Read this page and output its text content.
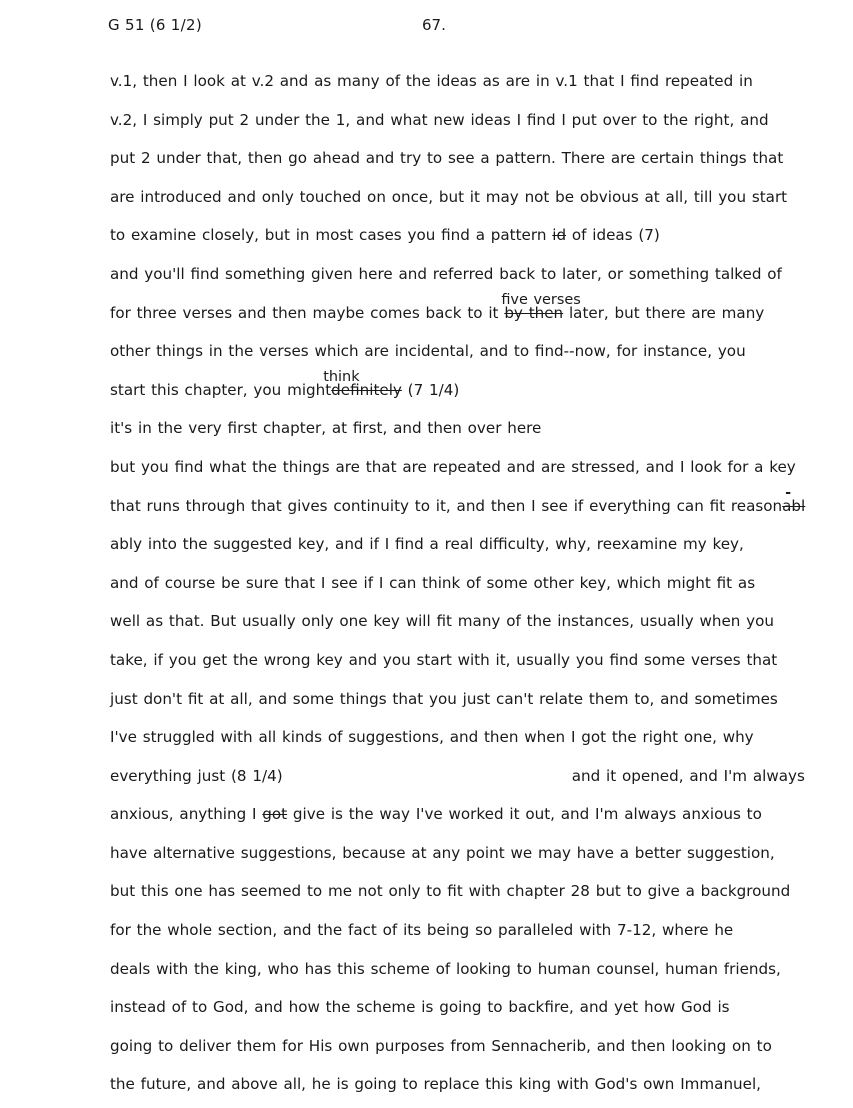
G 51 (6 1/2)	67.
v.1, then I look at v.2 and as many of the ideas as are in v.1 that I find repeated in
v.2, I simply put 2 under the 1, and what new ideas I find I put over to the right, and
put 2 under that, then go ahead and try to see a pattern. There are certain things that
are introduced and only touched on once, but it may not be obvious at all, till you start
to examine closely, but in most cases you find a pattern id of ideas (7)
and you'll find something given here and referred back to later, or something talked of
for three verses and then maybe comes back to it
five verses
by then later, but there are many
other things in the verses which are incidental, and to find--now, for instance, you
start this chapter, you might
think
definitely (7 1/4)
it's in the very first chapter, at first, and then over here
but you find what the things are that are repeated and are stressed, and I look for a key
that runs through that gives continuity to it, and then I see if everything can fit reason
-
abl
ably into the suggested key, and if I find a real difficulty, why, reexamine my key,
and of course be sure that I see if I can think of some other key, which might fit as
well as that. But usually only one key will fit many of the instances, usually when you
take, if you get the wrong key and you start with it, usually you find some verses that
just don't fit at all, and some things that you just can't relate them to, and sometimes
I've struggled with all kinds of suggestions, and then when I got the right one, why
everything just (8 1/4)	and it opened, and I'm always
anxious, anything I got give is the way I've worked it out, and I'm always anxious to
have alternative suggestions, because at any point we may have a better suggestion,
but this one has seemed to me not only to fit with chapter 28 but to give a background
for the whole section, and the fact of its being so paralleled with 7-12, where he
deals with the king, who has this scheme of looking to human counsel, human friends,
instead of to God, and how the scheme is going to backfire, and yet how God is
going to deliver them for His own purposes from Sennacherib, and then looking on to
the future, and above all, he is going to replace this king with God's own Immanuel,
